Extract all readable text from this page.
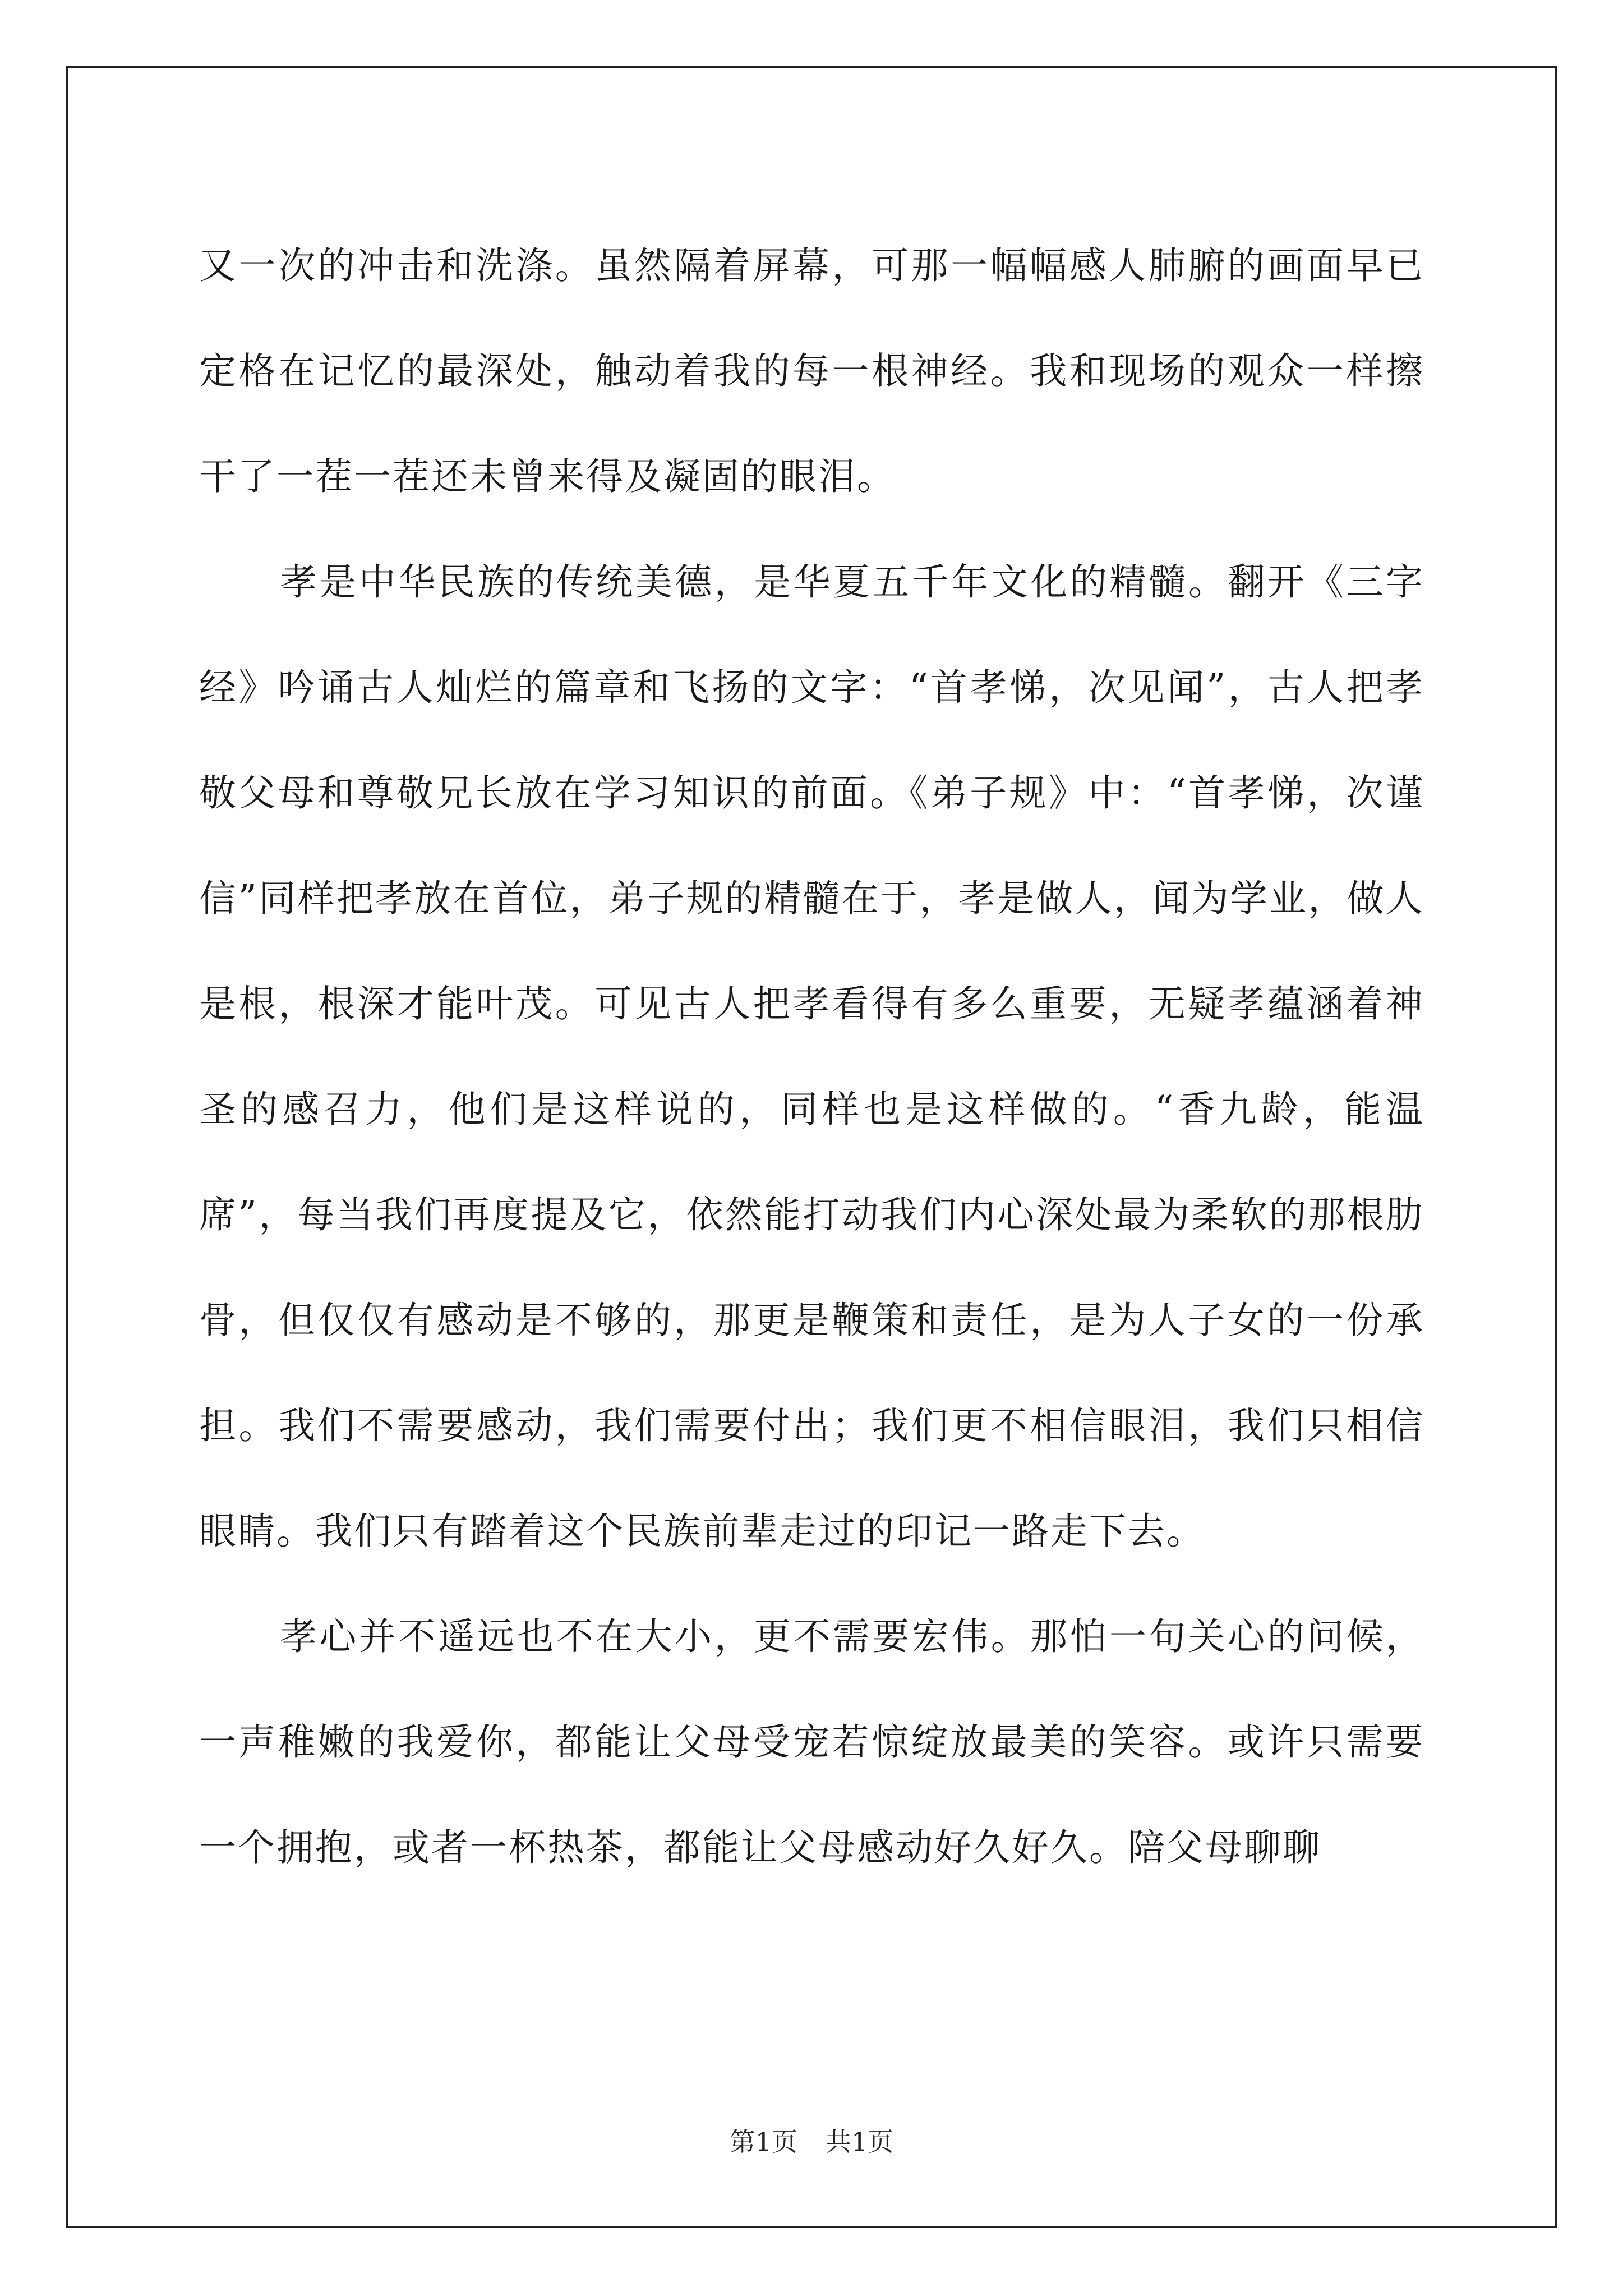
又一次的冲击和洗涤。虽然隔着屏幕，可那一幅幅感人肺腑的画面早已定格在记忆的最深处，触动着我的每一根神经。我和现场的观众一样擦干了一茬一茬还未曾来得及凝固的眼泪。

孝是中华民族的传统美德，是华夏五千年文化的精髓。翻开《三字经》吟诵古人灿烂的篇章和飞扬的文字：“首孝悌，次见闻”，古人把孝敬父母和尊敬兄长放在学习知识的前面。《弟子规》中：“首孝悌，次谨信”同样把孝放在首位，弟子规的精髓在于，孝是做人，闻为学业，做人是根，根深才能叶茂。可见古人把孝看得有多么重要，无疑孝蕴涵着神圣的感召力，他们是这样说的，同样也是这样做的。“香九龄，能温席”，每当我们再度提及它，依然能打动我们内心深处最为柔软的那根肋骨，但仅仅有感动是不够的，那更是鞭策和责任，是为人子女的一份承担。我们不需要感动，我们需要付出；我们更不相信眼泪，我们只相信眼睛。我们只有踏着这个民族前辈走过的印记一路走下去。

孝心并不遥远也不在大小，更不需要宏伟。那怕一句关心的问候，一声稚嫩的我爱你，都能让父母受宠若惊绽放最美的笑容。或许只需要一个拥抱，或者一杯热茶，都能让父母感动好久好久。陪父母聊聊

第1页 共1页
